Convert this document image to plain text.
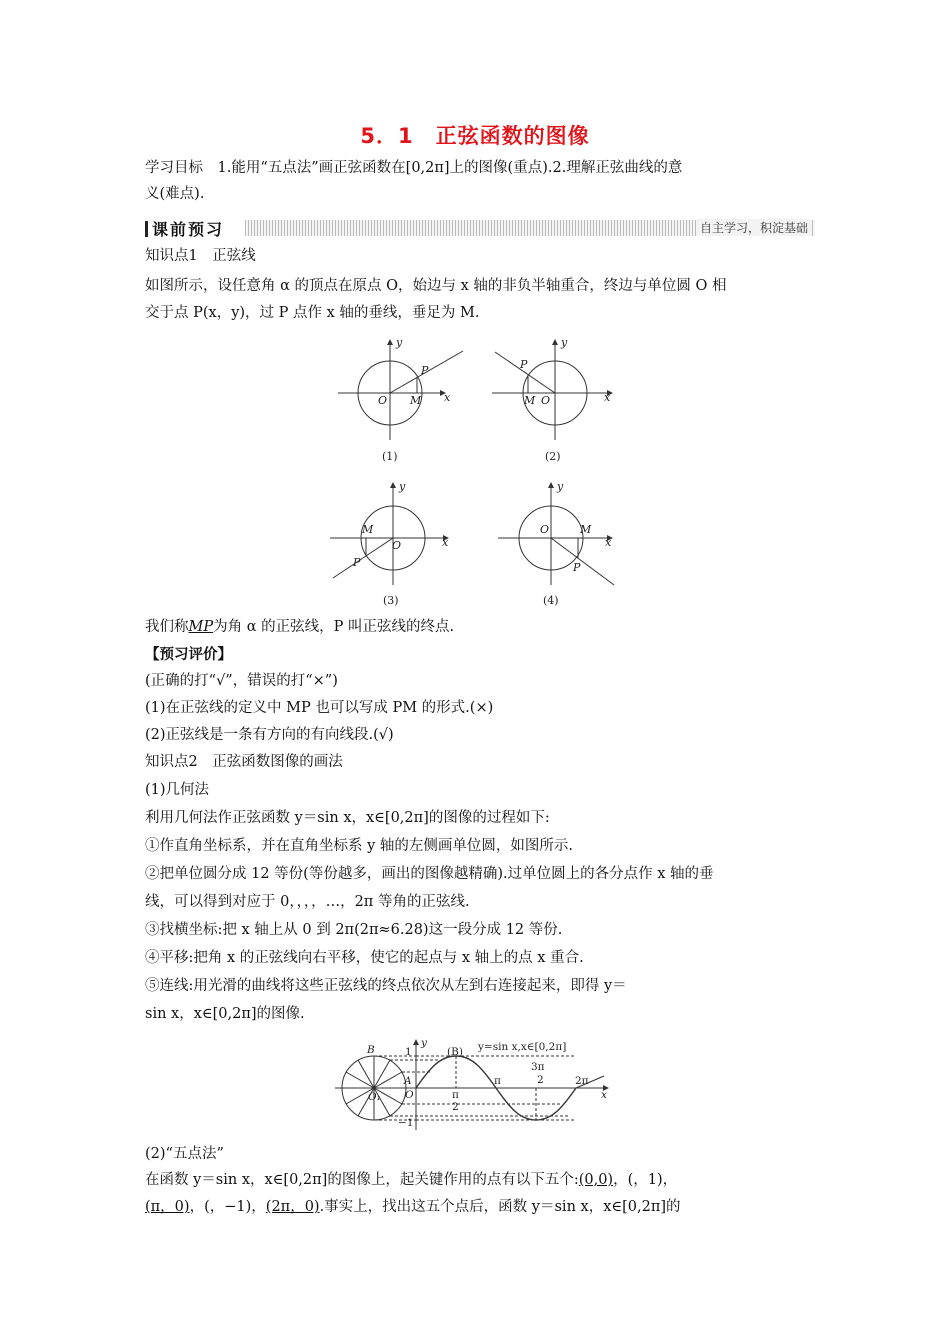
5．1　正弦函数的图像
学习目标　1.能用“五点法”画正弦函数在[0,2π]上的图像(重点).2.理解正弦曲线的意
义(难点).
课前预习	自主学习，积淀基础
知识点1　正弦线
如图所示，设任意角 α 的顶点在原点 O，始边与 x 轴的非负半轴重合，终边与单位圆 O 相
交于点 P(x，y)，过 P 点作 x 轴的垂线，垂足为 M.
y
x
O M
P
y
x
O
M
P
y
x
O
M
P
y
x
O	M
P
(1)	(2)
(3)	(4)
我们称MP为角 α 的正弦线，P 叫正弦线的终点.
【预习评价】
(正确的打“√”，错误的打“×”)
(1)在正弦线的定义中 MP 也可以写成 PM 的形式.(×)
(2)正弦线是一条有方向的有向线段.(√)
知识点2　正弦函数图像的画法
(1)几何法
利用几何法作正弦函数 y＝sin x，x∈[0,2π]的图像的过程如下:
①作直角坐标系，并在直角坐标系 y 轴的左侧画单位圆，如图所示.
②把单位圆分成 12 等份(等份越多，画出的图像越精确).过单位圆上的各分点作 x 轴的垂
线，可以得到对应于 0，，，，…，2π 等角的正弦线.
③找横坐标:把 x 轴上从 0 到 2π(2π≈6.28)这一段分成 12 等份.
④平移:把角 x 的正弦线向右平移，使它的起点与 x 轴上的点 x 重合.
⑤连线:用光滑的曲线将这些正弦线的终点依次从左到右连接起来，即得 y＝
sin x，x∈[0,2π]的图像.
y=sin x,x∈[0,2π]
1
−1
π	2π
3π
2
π
2
(B)
B
A
O
O₁	x
y
(2)“五点法”
在函数 y＝sin x，x∈[0,2π]的图像上，起关键作用的点有以下五个:(0,0)，(，1)，
(π，0)，(，−1)，(2π，0).事实上，找出这五个点后，函数 y＝sin x，x∈[0,2π]的
